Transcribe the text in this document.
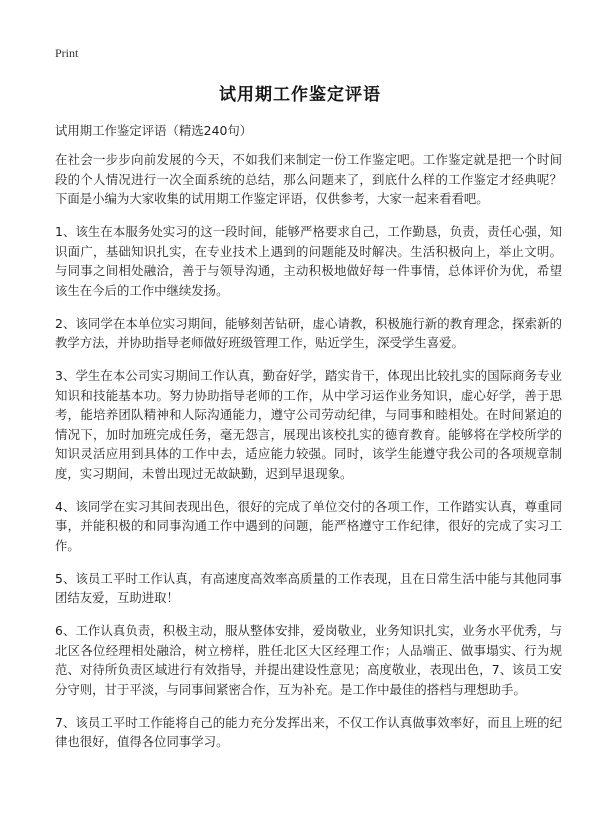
Print
试用期工作鉴定评语
试用期工作鉴定评语（精选240句）

在社会一步步向前发展的今天，不如我们来制定一份工作鉴定吧。工作鉴定就是把一个时间段的个人情况进行一次全面系统的总结，那么问题来了，到底什么样的工作鉴定才经典呢？下面是小编为大家收集的试用期工作鉴定评语，仅供参考，大家一起来看看吧。

1、该生在本服务处实习的这一段时间，能够严格要求自己，工作勤恳，负责，责任心强，知识面广，基础知识扎实，在专业技术上遇到的问题能及时解决。生活积极向上，举止文明。与同事之间相处融洽，善于与领导沟通，主动积极地做好每一件事情，总体评价为优，希望该生在今后的工作中继续发扬。

2、该同学在本单位实习期间，能够刻苦钻研，虚心请教，积极施行新的教育理念，探索新的教学方法，并协助指导老师做好班级管理工作，贴近学生，深受学生喜爱。

3、学生在本公司实习期间工作认真，勤奋好学，踏实肯干，体现出比较扎实的国际商务专业知识和技能基本功。努力协助指导老师的工作，从中学习运作业务知识，虚心好学，善于思考，能培养团队精神和人际沟通能力，遵守公司劳动纪律，与同事和睦相处。在时间紧迫的情况下，加时加班完成任务，毫无怨言，展现出该校扎实的德育教育。能够将在学校所学的知识灵活应用到具体的工作中去，适应能力较强。同时，该学生能遵守我公司的各项规章制度，实习期间，未曾出现过无故缺勤，迟到早退现象。

4、该同学在实习其间表现出色，很好的完成了单位交付的各项工作，工作踏实认真，尊重同事，并能积极的和同事沟通工作中遇到的问题，能严格遵守工作纪律，很好的完成了实习工作。

5、该员工平时工作认真，有高速度高效率高质量的工作表现，且在日常生活中能与其他同事团结友爱，互助进取！

6、工作认真负责，积极主动，服从整体安排，爱岗敬业，业务知识扎实，业务水平优秀，与北区各位经理相处融洽，树立榜样，胜任北区大区经理工作；人品端正、做事塌实、行为规范、对待所负责区域进行有效指导，并提出建设性意见；高度敬业，表现出色，7、该员工安分守则，甘于平淡，与同事间紧密合作，互为补充。是工作中最佳的搭档与理想助手。

7、该员工平时工作能将自己的能力充分发挥出来，不仅工作认真做事效率好，而且上班的纪律也很好，值得各位同事学习。
